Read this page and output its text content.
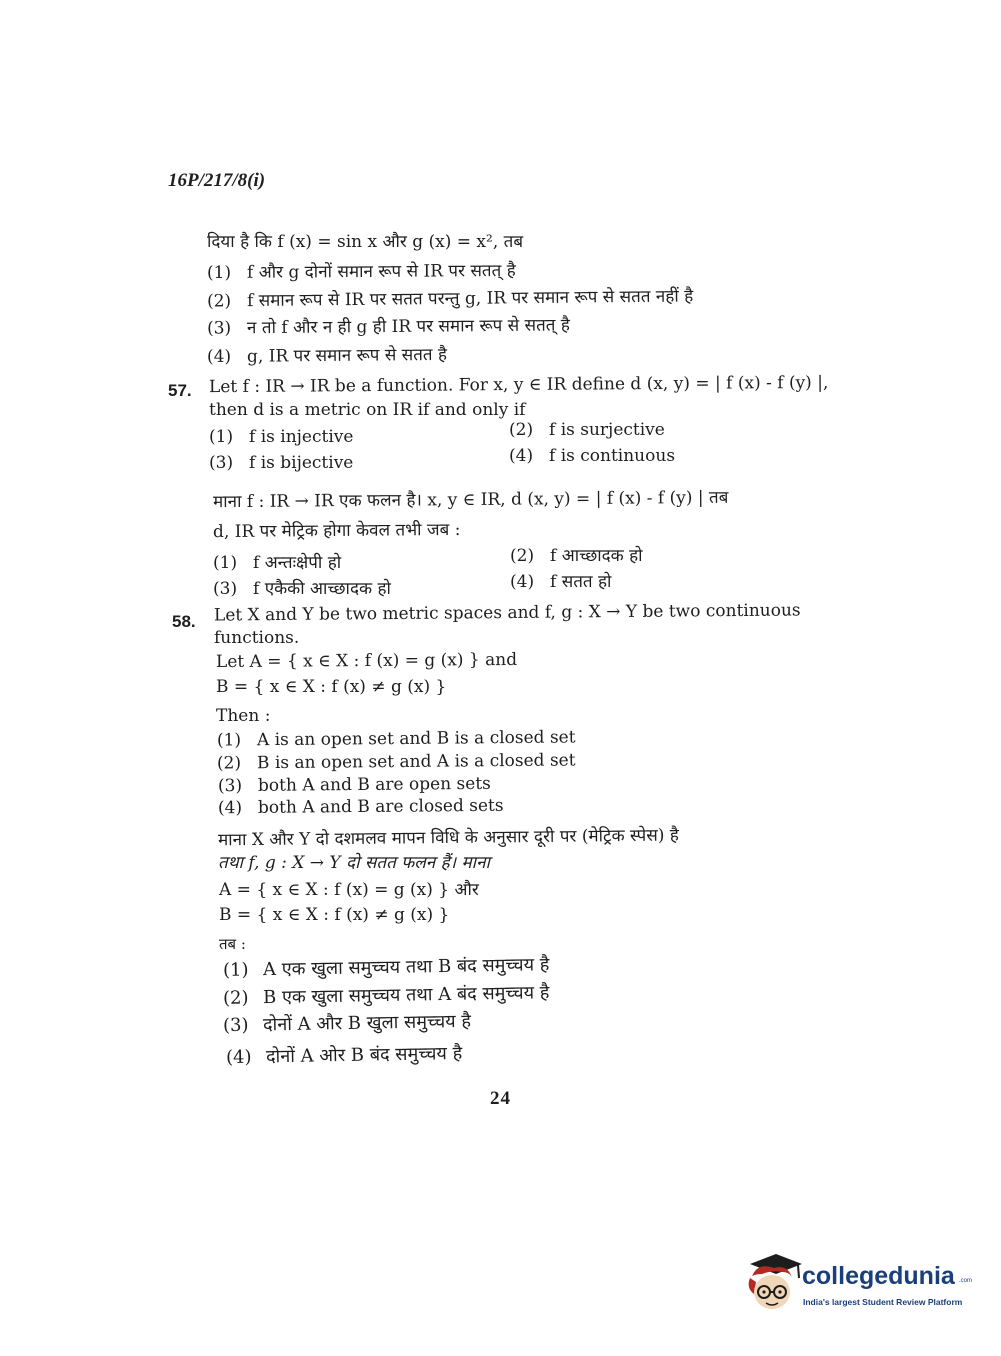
16P/217/8(i)
दिया है कि f (x) = sin x और g (x) = x², तब
(1) f और g दोनों समान रूप से IR पर सतत् है
(2) f समान रूप से IR पर सतत परन्तु g, IR पर समान रूप से सतत नहीं है
(3) न तो f और न ही g ही IR पर समान रूप से सतत् है
(4) g, IR पर समान रूप से सतत है
57. Let f : IR → IR be a function. For x, y ∈ IR define d (x, y) = | f (x) - f (y) |,
then d is a metric on IR if and only if
(1) f is injective	(2) f is surjective
(3) f is bijective	(4) f is continuous
माना f : IR → IR एक फलन है। x, y ∈ IR, d (x, y) = | f (x) - f (y) | तब
d, IR पर मेट्रिक होगा केवल तभी जब :
(1) f अन्तःक्षेपी हो	(2) f आच्छादक हो
(3) f एकैकी आच्छादक हो	(4) f सतत हो
58. Let X and Y be two metric spaces and f, g : X → Y be two continuous
functions.
Let A = { x ∈ X : f (x) = g (x) } and
B = { x ∈ X : f (x) ≠ g (x) }
Then :
(1) A is an open set and B is a closed set
(2) B is an open set and A is a closed set
(3) both A and B are open sets
(4) both A and B are closed sets
माना X और Y दो दशमलव मापन विधि के अनुसार दूरी पर (मेट्रिक स्पेस) है
तथा f, g : X → Y दो सतत फलन हैं। माना
A = { x ∈ X : f (x) = g (x) } और
B = { x ∈ X : f (x) ≠ g (x) }
तब :
(1) A एक खुला समुच्चय तथा B बंद समुच्चय है
(2) B एक खुला समुच्चय तथा A बंद समुच्चय है
(3) दोनों A और B खुला समुच्चय है
(4) दोनों A ओर B बंद समुच्चय है
24
collegedunia .com
India's largest Student Review Platform
